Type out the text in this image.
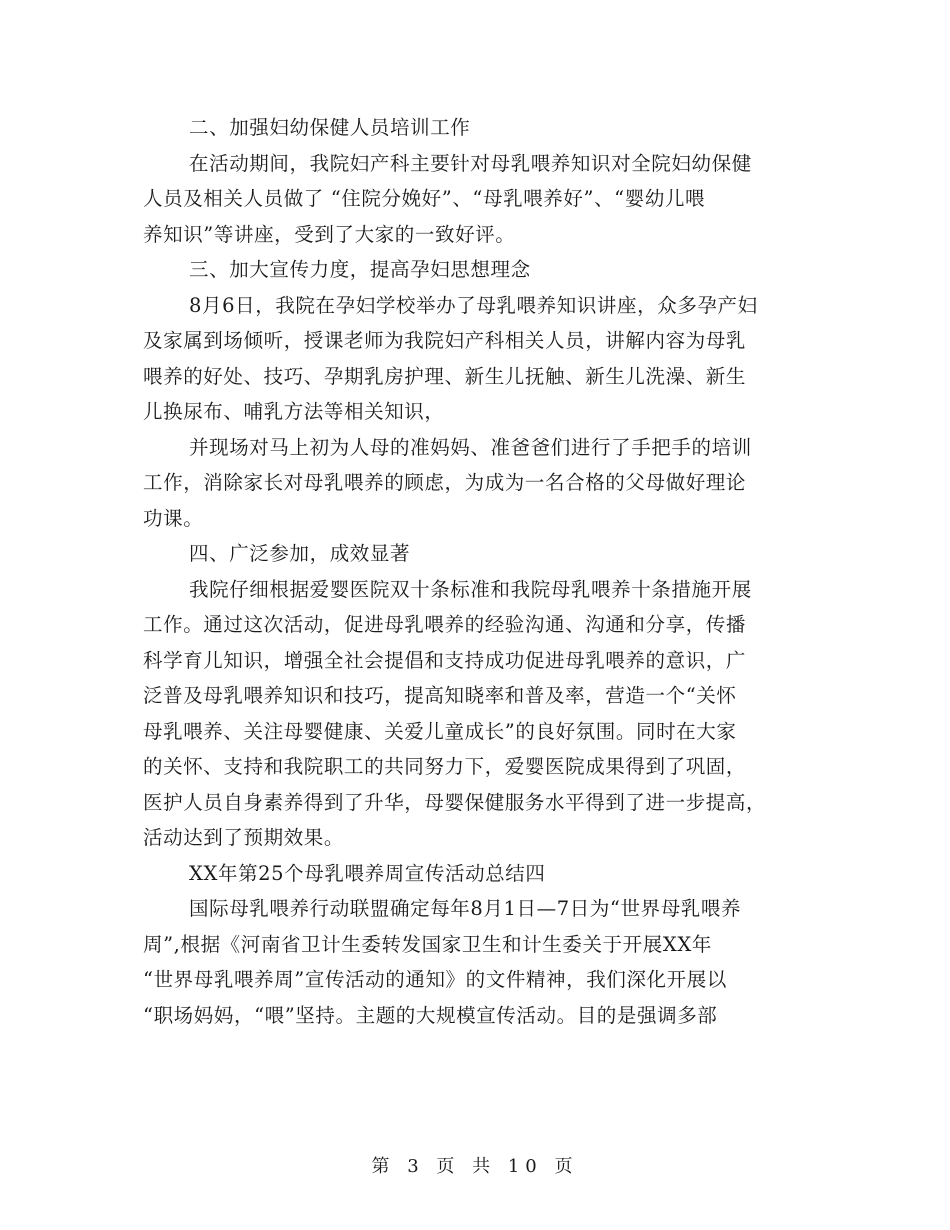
二、加强妇幼保健人员培训工作

在活动期间，我院妇产科主要针对母乳喂养知识对全院妇幼保健

人员及相关人员做了 “住院分娩好”、“母乳喂养好”、“婴幼儿喂

养知识”等讲座，受到了大家的一致好评。

三、加大宣传力度，提高孕妇思想理念

8月6日，我院在孕妇学校举办了母乳喂养知识讲座，众多孕产妇

及家属到场倾听，授课老师为我院妇产科相关人员，讲解内容为母乳

喂养的好处、技巧、孕期乳房护理、新生儿抚触、新生儿洗澡、新生

儿换尿布、哺乳方法等相关知识，

并现场对马上初为人母的准妈妈、准爸爸们进行了手把手的培训

工作，消除家长对母乳喂养的顾虑，为成为一名合格的父母做好理论

功课。

四、广泛参加，成效显著

我院仔细根据爱婴医院双十条标准和我院母乳喂养十条措施开展

工作。通过这次活动，促进母乳喂养的经验沟通、沟通和分享，传播

科学育儿知识，增强全社会提倡和支持成功促进母乳喂养的意识，广

泛普及母乳喂养知识和技巧，提高知晓率和普及率，营造一个“关怀

母乳喂养、关注母婴健康、关爱儿童成长”的良好氛围。同时在大家

的关怀、支持和我院职工的共同努力下，爱婴医院成果得到了巩固，

医护人员自身素养得到了升华，母婴保健服务水平得到了进一步提高，

活动达到了预期效果。

XX年第25个母乳喂养周宣传活动总结四

国际母乳喂养行动联盟确定每年8月1日—7日为“世界母乳喂养

周”,根据《河南省卫计生委转发国家卫生和计生委关于开展XX年

“世界母乳喂养周”宣传活动的通知》的文件精神，我们深化开展以

“职场妈妈，“喂”坚持。主题的大规模宣传活动。目的是强调多部

第 3 页 共 10 页
